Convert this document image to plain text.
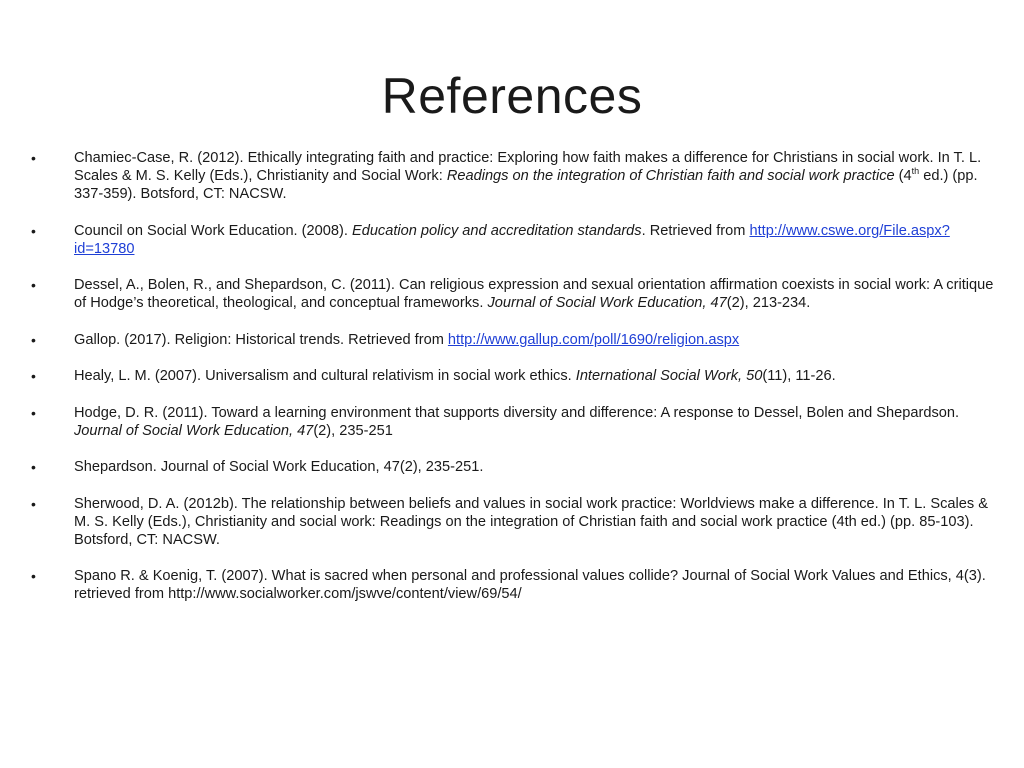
References
•	Chamiec-Case, R. (2012). Ethically integrating faith and practice: Exploring how faith makes a difference for Christians in social work. In T. L. Scales & M. S. Kelly (Eds.), Christianity and Social Work: Readings on the integration of Christian faith and social work practice (4th ed.) (pp. 337-359). Botsford, CT: NACSW.
•	Council on Social Work Education. (2008). Education policy and accreditation standards. Retrieved from http://www.cswe.org/File.aspx?id=13780
•	Dessel, A., Bolen, R., and Shepardson, C. (2011). Can religious expression and sexual orientation affirmation coexists in social work: A critique of Hodge’s theoretical, theological, and conceptual frameworks. Journal of Social Work Education, 47(2), 213-234.
•	Gallop. (2017). Religion: Historical trends. Retrieved from http://www.gallup.com/poll/1690/religion.aspx
•	Healy, L. M. (2007). Universalism and cultural relativism in social work ethics. International Social Work, 50(11), 11-26.
•	Hodge, D. R. (2011). Toward a learning environment that supports diversity and difference: A response to Dessel, Bolen and Shepardson. Journal of Social Work Education, 47(2), 235-251
•	Shepardson. Journal of Social Work Education, 47(2), 235-251.
•	Sherwood, D. A. (2012b). The relationship between beliefs and values in social work practice: Worldviews make a difference. In T. L. Scales & M. S. Kelly (Eds.), Christianity and social work: Readings on the integration of Christian faith and social work practice (4th ed.) (pp. 85-103). Botsford, CT: NACSW.
•	Spano R. & Koenig, T. (2007). What is sacred when personal and professional values collide? Journal of Social Work Values and Ethics, 4(3). retrieved from http://www.socialworker.com/jswve/content/view/69/54/
